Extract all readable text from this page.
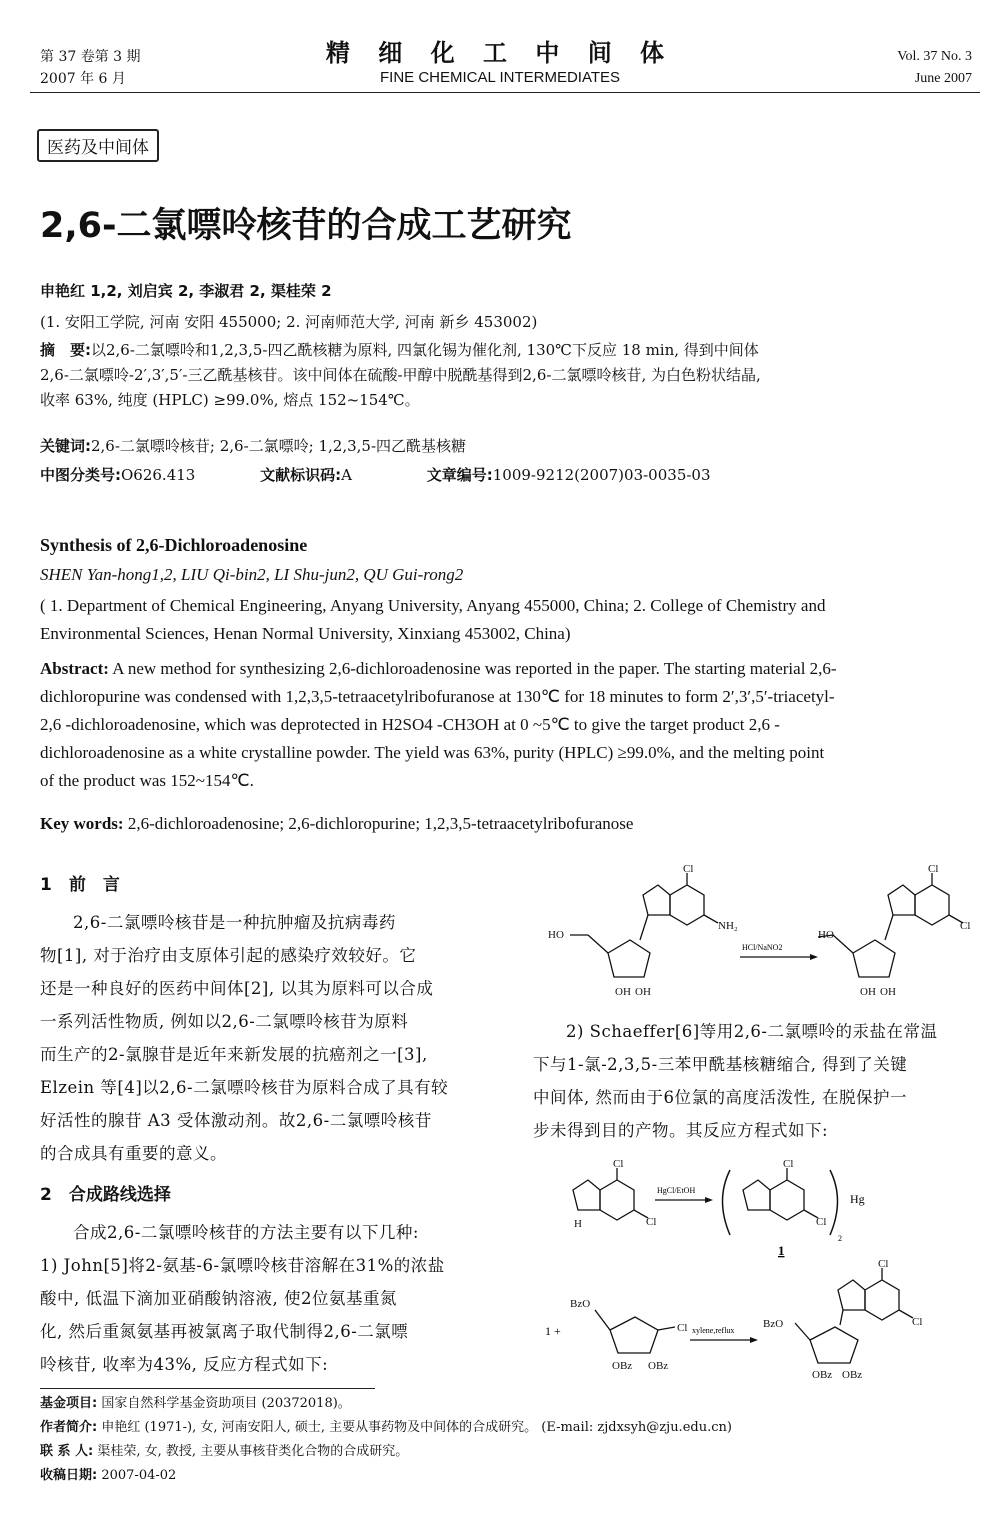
第 37 卷第 3 期
2007 年 6 月
精 细 化 工 中 间 体
FINE CHEMICAL INTERMEDIATES
Vol. 37 No. 3
June 2007
医药及中间体
2,6-二氯嘌呤核苷的合成工艺研究
申艳红 1,2, 刘启宾 2, 李淑君 2, 渠桂荣 2
(1. 安阳工学院, 河南 安阳 455000; 2. 河南师范大学, 河南 新乡 453002)
摘　要:以2,6-二氯嘌呤和1,2,3,5-四乙酰核糖为原料, 四氯化锡为催化剂, 130℃下反应 18 min, 得到中间体
2,6-二氯嘌呤-2′,3′,5′-三乙酰基核苷。该中间体在硫酸-甲醇中脱酰基得到2,6-二氯嘌呤核苷, 为白色粉状结晶,
收率 63%, 纯度 (HPLC) ≥99.0%, 熔点 152~154℃。
关键词:2,6-二氯嘌呤核苷; 2,6-二氯嘌呤; 1,2,3,5-四乙酰基核糖
中图分类号:O626.413	文献标识码:A	文章编号:1009-9212(2007)03-0035-03
Synthesis of 2,6-Dichloroadenosine
SHEN Yan-hong1,2, LIU Qi-bin2, LI Shu-jun2, QU Gui-rong2
( 1. Department of Chemical Engineering, Anyang University, Anyang 455000, China; 2. College of Chemistry and
Environmental Sciences, Henan Normal University, Xinxiang 453002, China)
Abstract: A new method for synthesizing 2,6-dichloroadenosine was reported in the paper. The starting material 2,6-
dichloropurine was condensed with 1,2,3,5-tetraacetylribofuranose at 130℃ for 18 minutes to form 2′,3′,5′-triacetyl-
2,6 -dichloroadenosine, which was deprotected in H2SO4 -CH3OH at 0 ~5℃ to give the target product 2,6 -
dichloroadenosine as a white crystalline powder. The yield was 63%, purity (HPLC) ≥99.0%, and the melting point
of the product was 152~154℃.
Key words: 2,6-dichloroadenosine; 2,6-dichloropurine; 1,2,3,5-tetraacetylribofuranose
1　前　言
2,6-二氯嘌呤核苷是一种抗肿瘤及抗病毒药
物[1], 对于治疗由支原体引起的感染疗效较好。它
还是一种良好的医药中间体[2], 以其为原料可以合成
一系列活性物质, 例如以2,6-二氯嘌呤核苷为原料
而生产的2-氯腺苷是近年来新发展的抗癌剂之一[3],
Elzein 等[4]以2,6-二氯嘌呤核苷为原料合成了具有较
好活性的腺苷 A3 受体激动剂。故2,6-二氯嘌呤核苷
的合成具有重要的意义。
2　合成路线选择
合成2,6-二氯嘌呤核苷的方法主要有以下几种:
1) John[5]将2-氨基-6-氯嘌呤核苷溶解在31%的浓盐
酸中, 低温下滴加亚硝酸钠溶液, 使2位氨基重氮
化, 然后重氮氨基再被氯离子取代制得2,6-二氯嘌
呤核苷, 收率为43%, 反应方程式如下:
Cl
NH₂
HO
OH OH
HCl/NaNO2
Cl
Cl
HO
OH OH
2) Schaeffer[6]等用2,6-二氯嘌呤的汞盐在常温
下与1-氯-2,3,5-三苯甲酰基核糖缩合, 得到了关键
中间体, 然而由于6位氯的高度活泼性, 在脱保护一
步未得到目的产物。其反应方程式如下:
Cl
Cl
H
HgCl/EtOH
Cl
Cl
2
Hg
1
1 +
BzO
Cl
OBz OBz
xylene,reflux
Cl
Cl
BzO
OBz OBz
基金项目: 国家自然科学基金资助项目 (20372018)。
作者简介: 申艳红 (1971-), 女, 河南安阳人, 硕士, 主要从事药物及中间体的合成研究。 (E-mail: zjdxsyh@zju.edu.cn)
联 系 人: 渠桂荣, 女, 教授, 主要从事核苷类化合物的合成研究。
收稿日期: 2007-04-02
